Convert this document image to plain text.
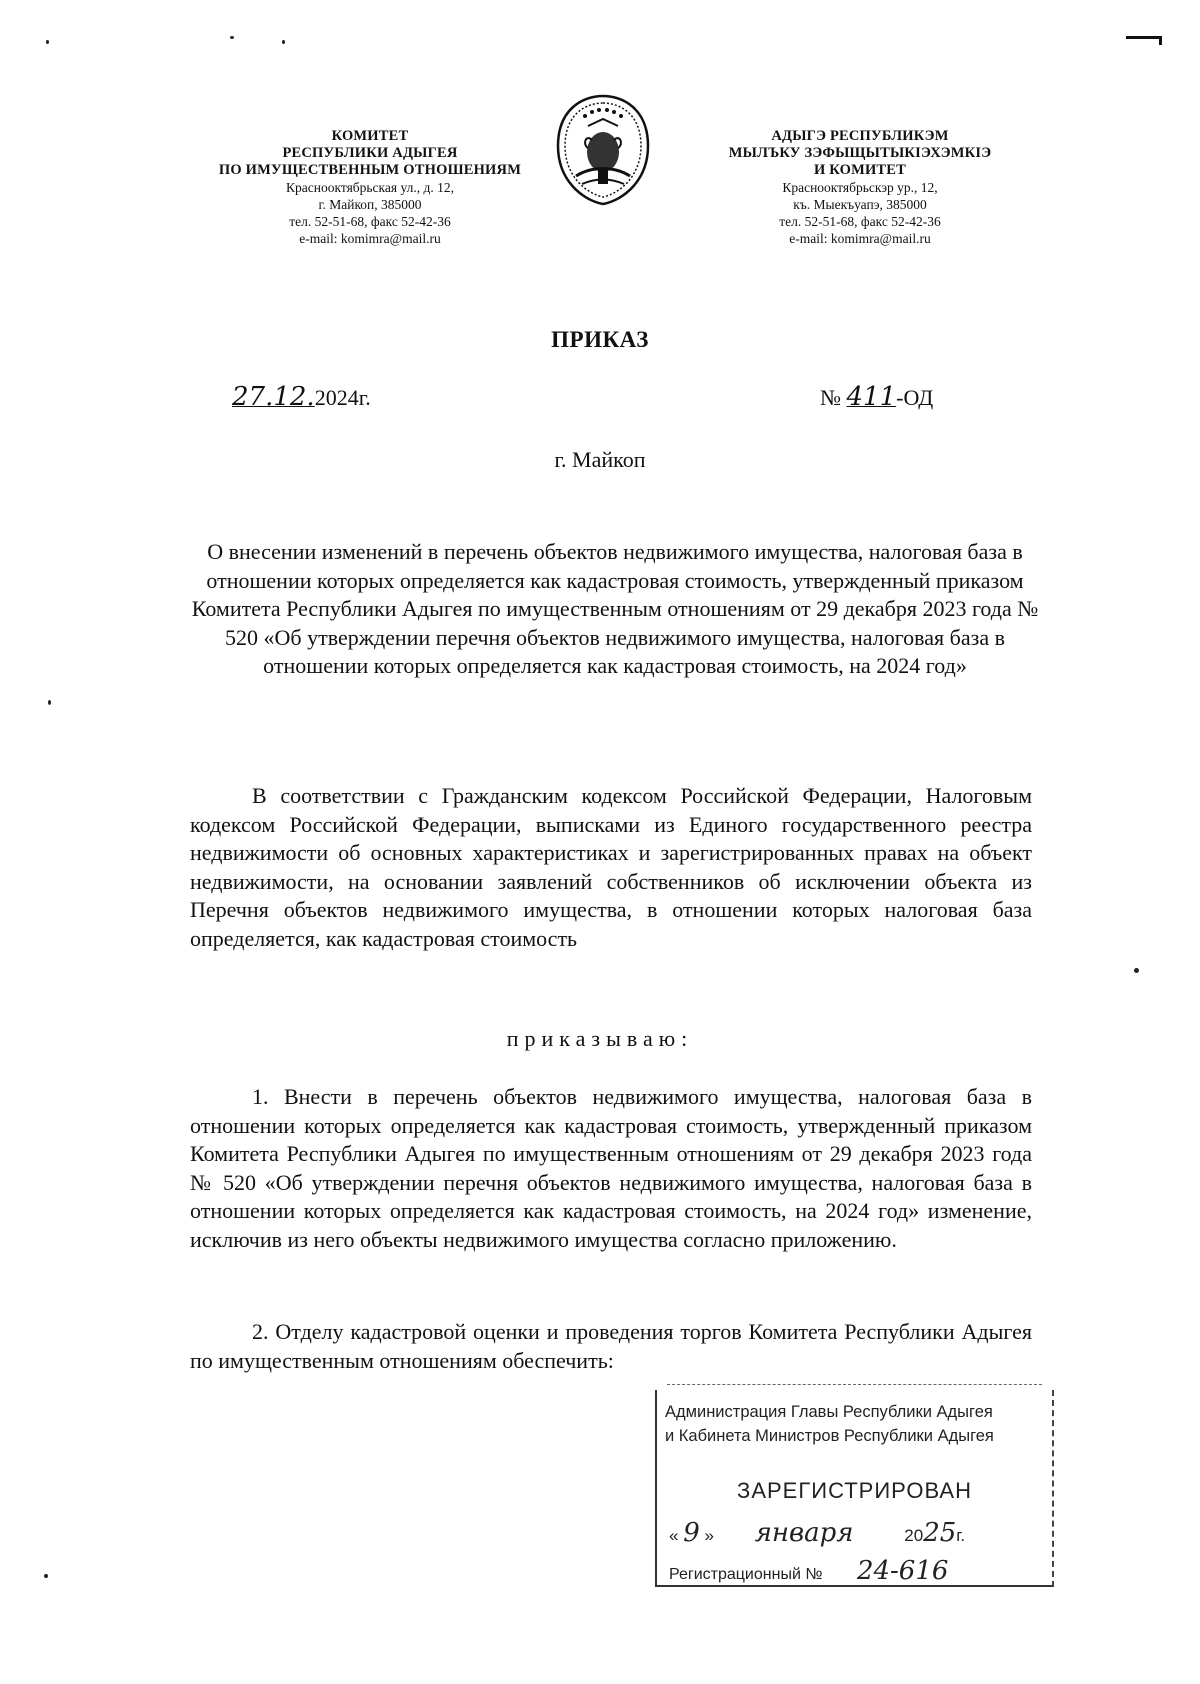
КОМИТЕТ
РЕСПУБЛИКИ АДЫГЕЯ
ПО ИМУЩЕСТВЕННЫМ ОТНОШЕНИЯМ
Краснооктябрьская ул., д. 12,
г. Майкоп, 385000
тел. 52-51-68, факс 52-42-36
e-mail: komimra@mail.ru
АДЫГЭ РЕСПУБЛИКЭМ
МЫЛЪКУ ЗЭФЫЩЫТЫКІЭХЭМКІЭ
И КОМИТЕТ
Краснооктябрьскэр ур., 12,
къ. Мыекъуапэ, 385000
тел. 52-51-68, факс 52-42-36
e-mail: komimra@mail.ru
ПРИКАЗ
27.12.2024г.	№ 411-ОД
г. Майкоп
О внесении изменений в перечень объектов недвижимого имущества, налоговая база в отношении которых определяется как кадастровая стоимость, утвержденный приказом Комитета Республики Адыгея по имущественным отношениям от 29 декабря 2023 года № 520 «Об утверждении перечня объектов недвижимого имущества, налоговая база в отношении которых определяется как кадастровая стоимость, на 2024 год»
В соответствии с Гражданским кодексом Российской Федерации, Налоговым кодексом Российской Федерации, выписками из Единого государственного реестра недвижимости об основных характеристиках и зарегистрированных правах на объект недвижимости, на основании заявлений собственников об исключении объекта из Перечня объектов недвижимого имущества, в отношении которых налоговая база определяется, как кадастровая стоимость
приказываю:
1. Внести в перечень объектов недвижимого имущества, налоговая база в отношении которых определяется как кадастровая стоимость, утвержденный приказом Комитета Республики Адыгея по имущественным отношениям от 29 декабря 2023 года № 520 «Об утверждении перечня объектов недвижимого имущества, налоговая база в отношении которых определяется как кадастровая стоимость, на 2024 год» изменение, исключив из него объекты недвижимого имущества согласно приложению.
2. Отделу кадастровой оценки и проведения торгов Комитета Республики Адыгея по имущественным отношениям обеспечить:
Администрация Главы Республики Адыгея
и Кабинета Министров Республики Адыгея
ЗАРЕГИСТРИРОВАН
« 9 » января	2025г.
Регистрационный № 24-616
